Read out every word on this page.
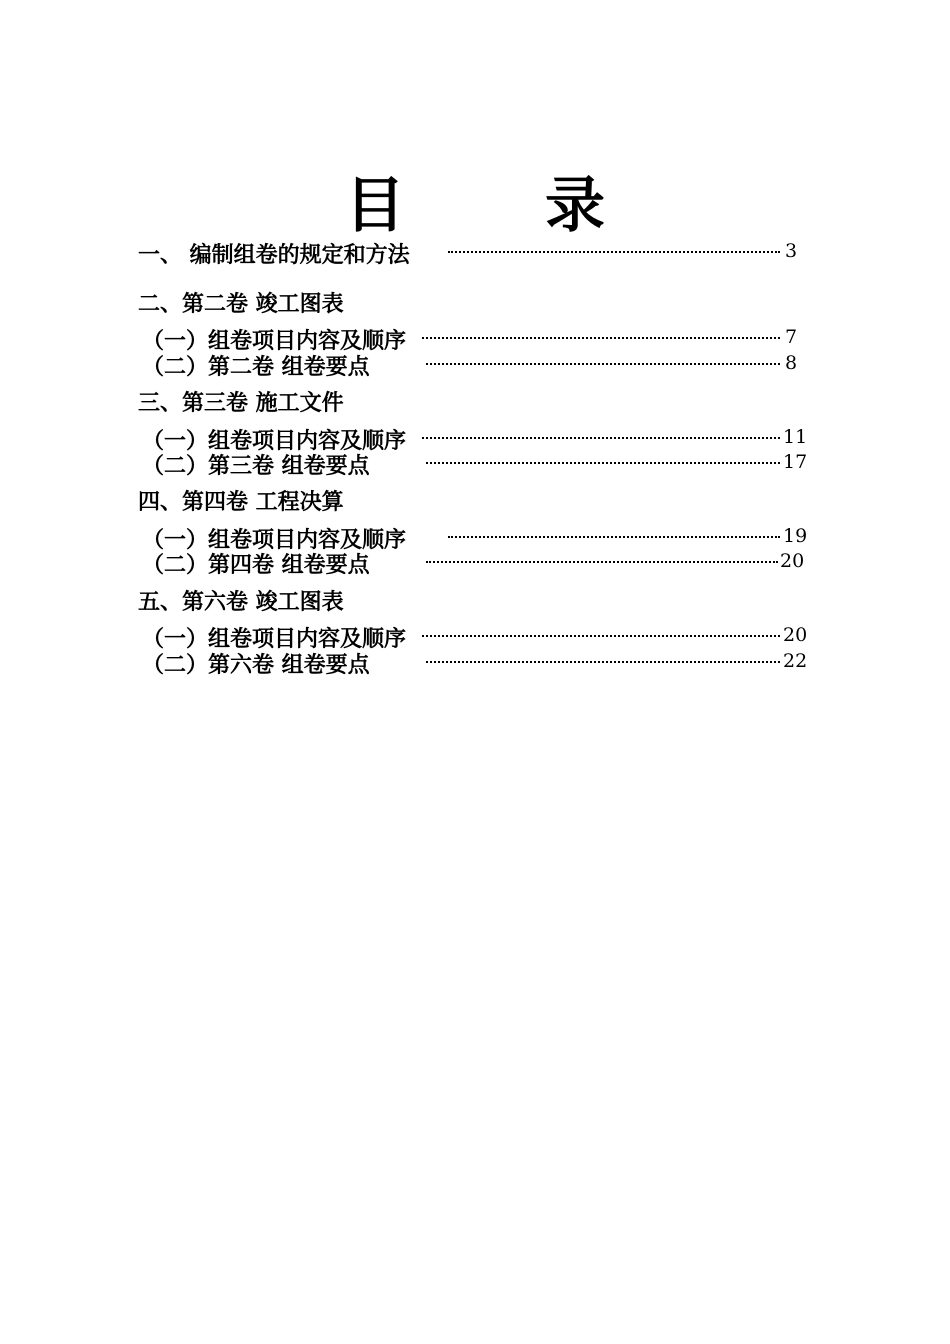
目 录
一、 编制组卷的规定和方法	3
二、第二卷 竣工图表
（一）组卷项目内容及顺序	7
（二）第二卷 组卷要点	8
三、第三卷 施工文件
（一）组卷项目内容及顺序	11
（二）第三卷 组卷要点	17
四、第四卷 工程决算
（一）组卷项目内容及顺序	19
（二）第四卷 组卷要点	20
五、第六卷 竣工图表
（一）组卷项目内容及顺序	20
（二）第六卷 组卷要点	22
